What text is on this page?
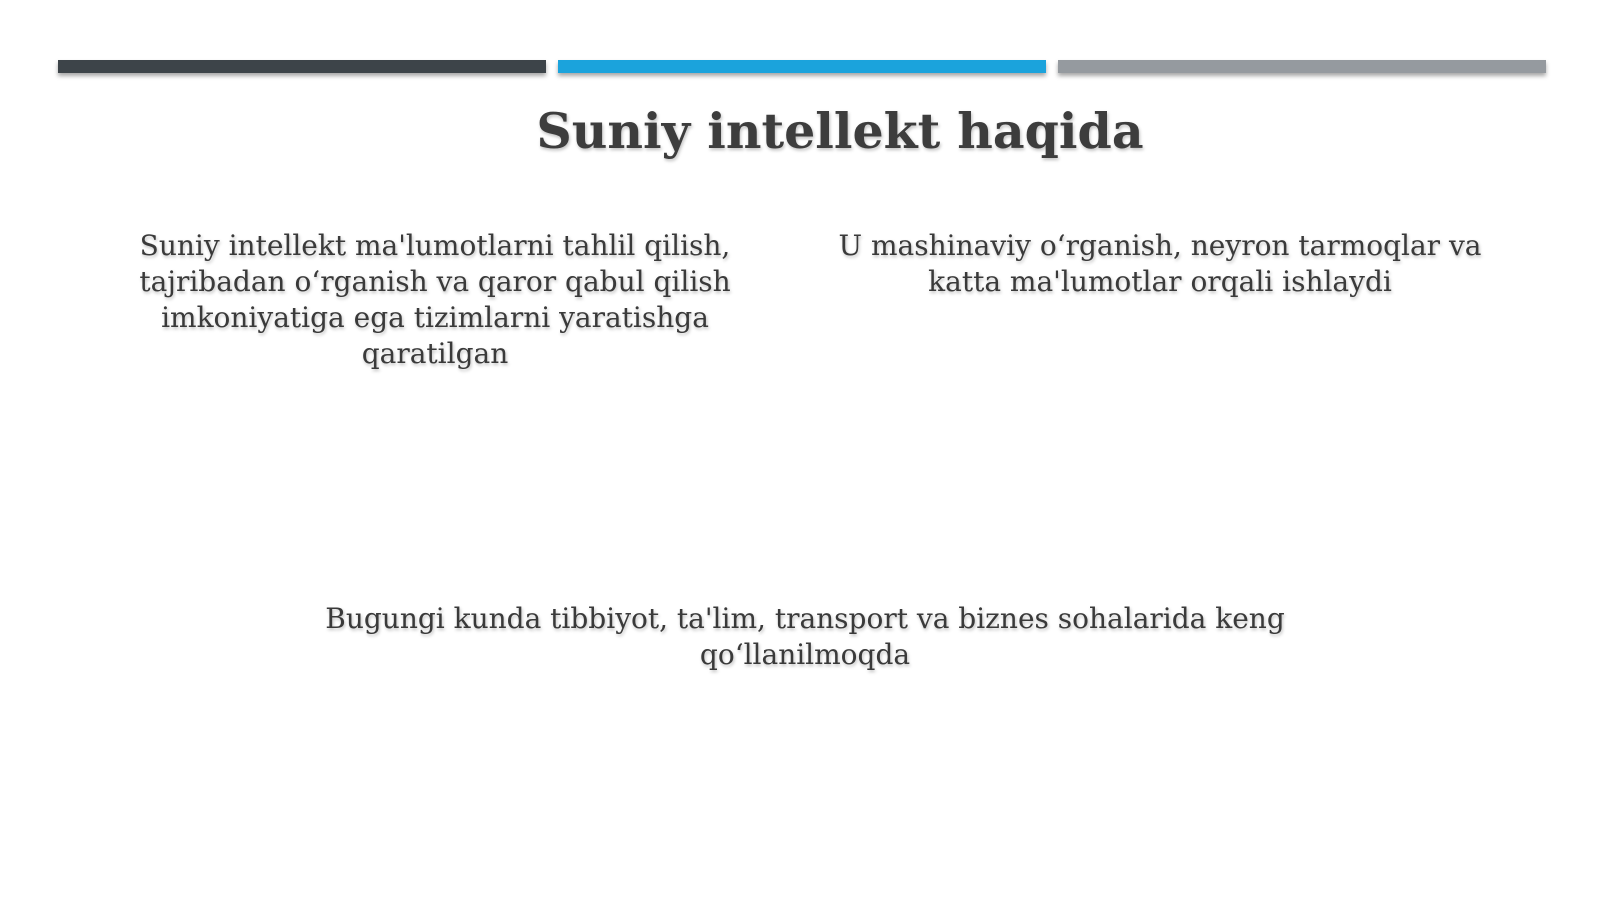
Suniy intellekt haqida

Suniy intellekt ma'lumotlarni tahlil qilish, tajribadan o‘rganish va qaror qabul qilish imkoniyatiga ega tizimlarni yaratishga qaratilgan

U mashinaviy o‘rganish, neyron tarmoqlar va katta ma'lumotlar orqali ishlaydi

Bugungi kunda tibbiyot, ta'lim, transport va biznes sohalarida keng qo‘llanilmoqda
